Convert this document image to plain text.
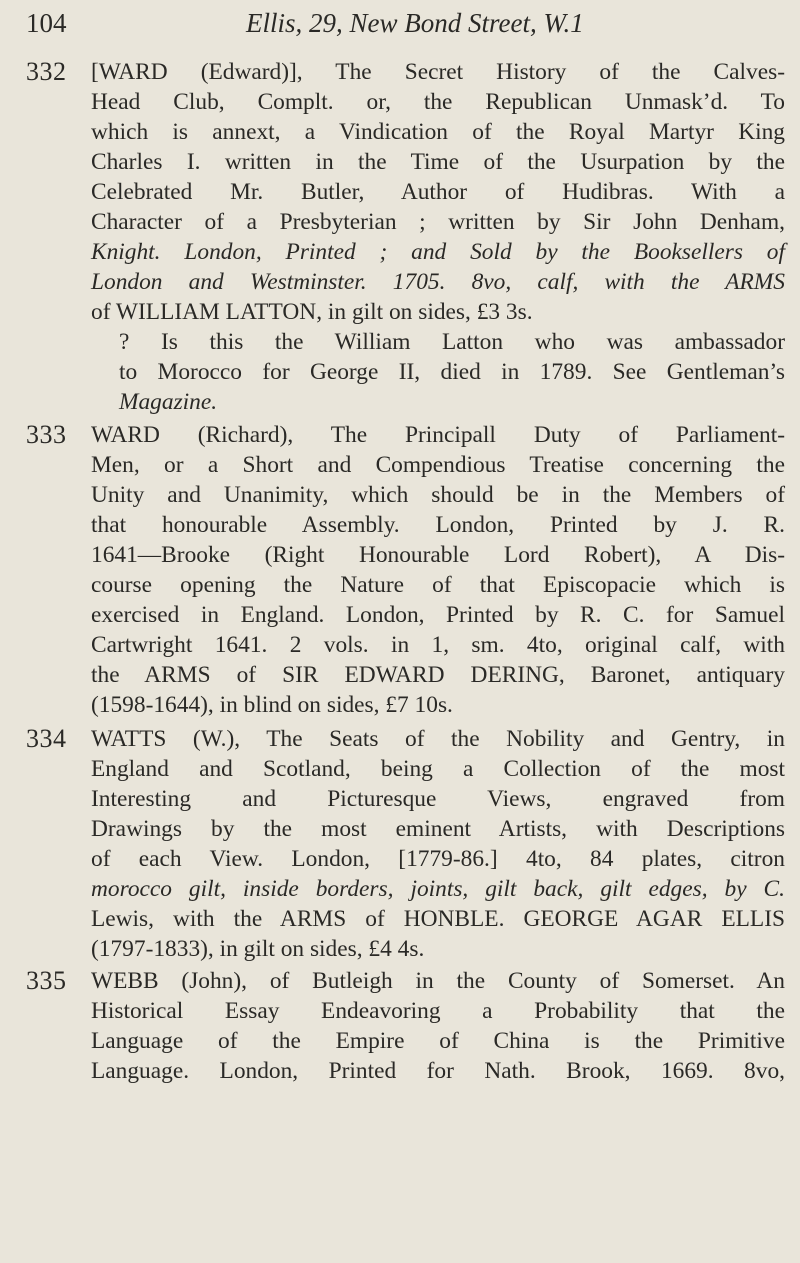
104	Ellis, 29, New Bond Street, W.1
332 [WARD (Edward)], The Secret History of the Calves-
Head Club, Complt. or, the Republican Unmask’d. To
which is annext, a Vindication of the Royal Martyr King
Charles I. written in the Time of the Usurpation by the
Celebrated Mr. Butler, Author of Hudibras. With a
Character of a Presbyterian ; written by Sir John Denham,
Knight. London, Printed ; and Sold by the Booksellers of
London and Westminster. 1705. 8vo, calf, with the ARMS
of WILLIAM LATTON, in gilt on sides, £3 3s.
? Is this the William Latton who was ambassador
to Morocco for George II, died in 1789. See Gentleman’s
Magazine.

333 WARD (Richard), The Principall Duty of Parliament-
Men, or a Short and Compendious Treatise concerning the
Unity and Unanimity, which should be in the Members of
that honourable Assembly. London, Printed by J. R.
1641—Brooke (Right Honourable Lord Robert), A Dis-
course opening the Nature of that Episcopacie which is
exercised in England. London, Printed by R. C. for Samuel
Cartwright 1641. 2 vols. in 1, sm. 4to, original calf, with
the ARMS of SIR EDWARD DERING, Baronet, antiquary
(1598-1644), in blind on sides, £7 10s.

334 WATTS (W.), The Seats of the Nobility and Gentry, in
England and Scotland, being a Collection of the most
Interesting and Picturesque Views, engraved from
Drawings by the most eminent Artists, with Descriptions
of each View. London, [1779-86.] 4to, 84 plates, citron
morocco gilt, inside borders, joints, gilt back, gilt edges, by C.
Lewis, with the ARMS of HONBLE. GEORGE AGAR ELLIS
(1797-1833), in gilt on sides, £4 4s.

335 WEBB (John), of Butleigh in the County of Somerset. An
Historical Essay Endeavoring a Probability that the
Language of the Empire of China is the Primitive
Language. London, Printed for Nath. Brook, 1669. 8vo,
